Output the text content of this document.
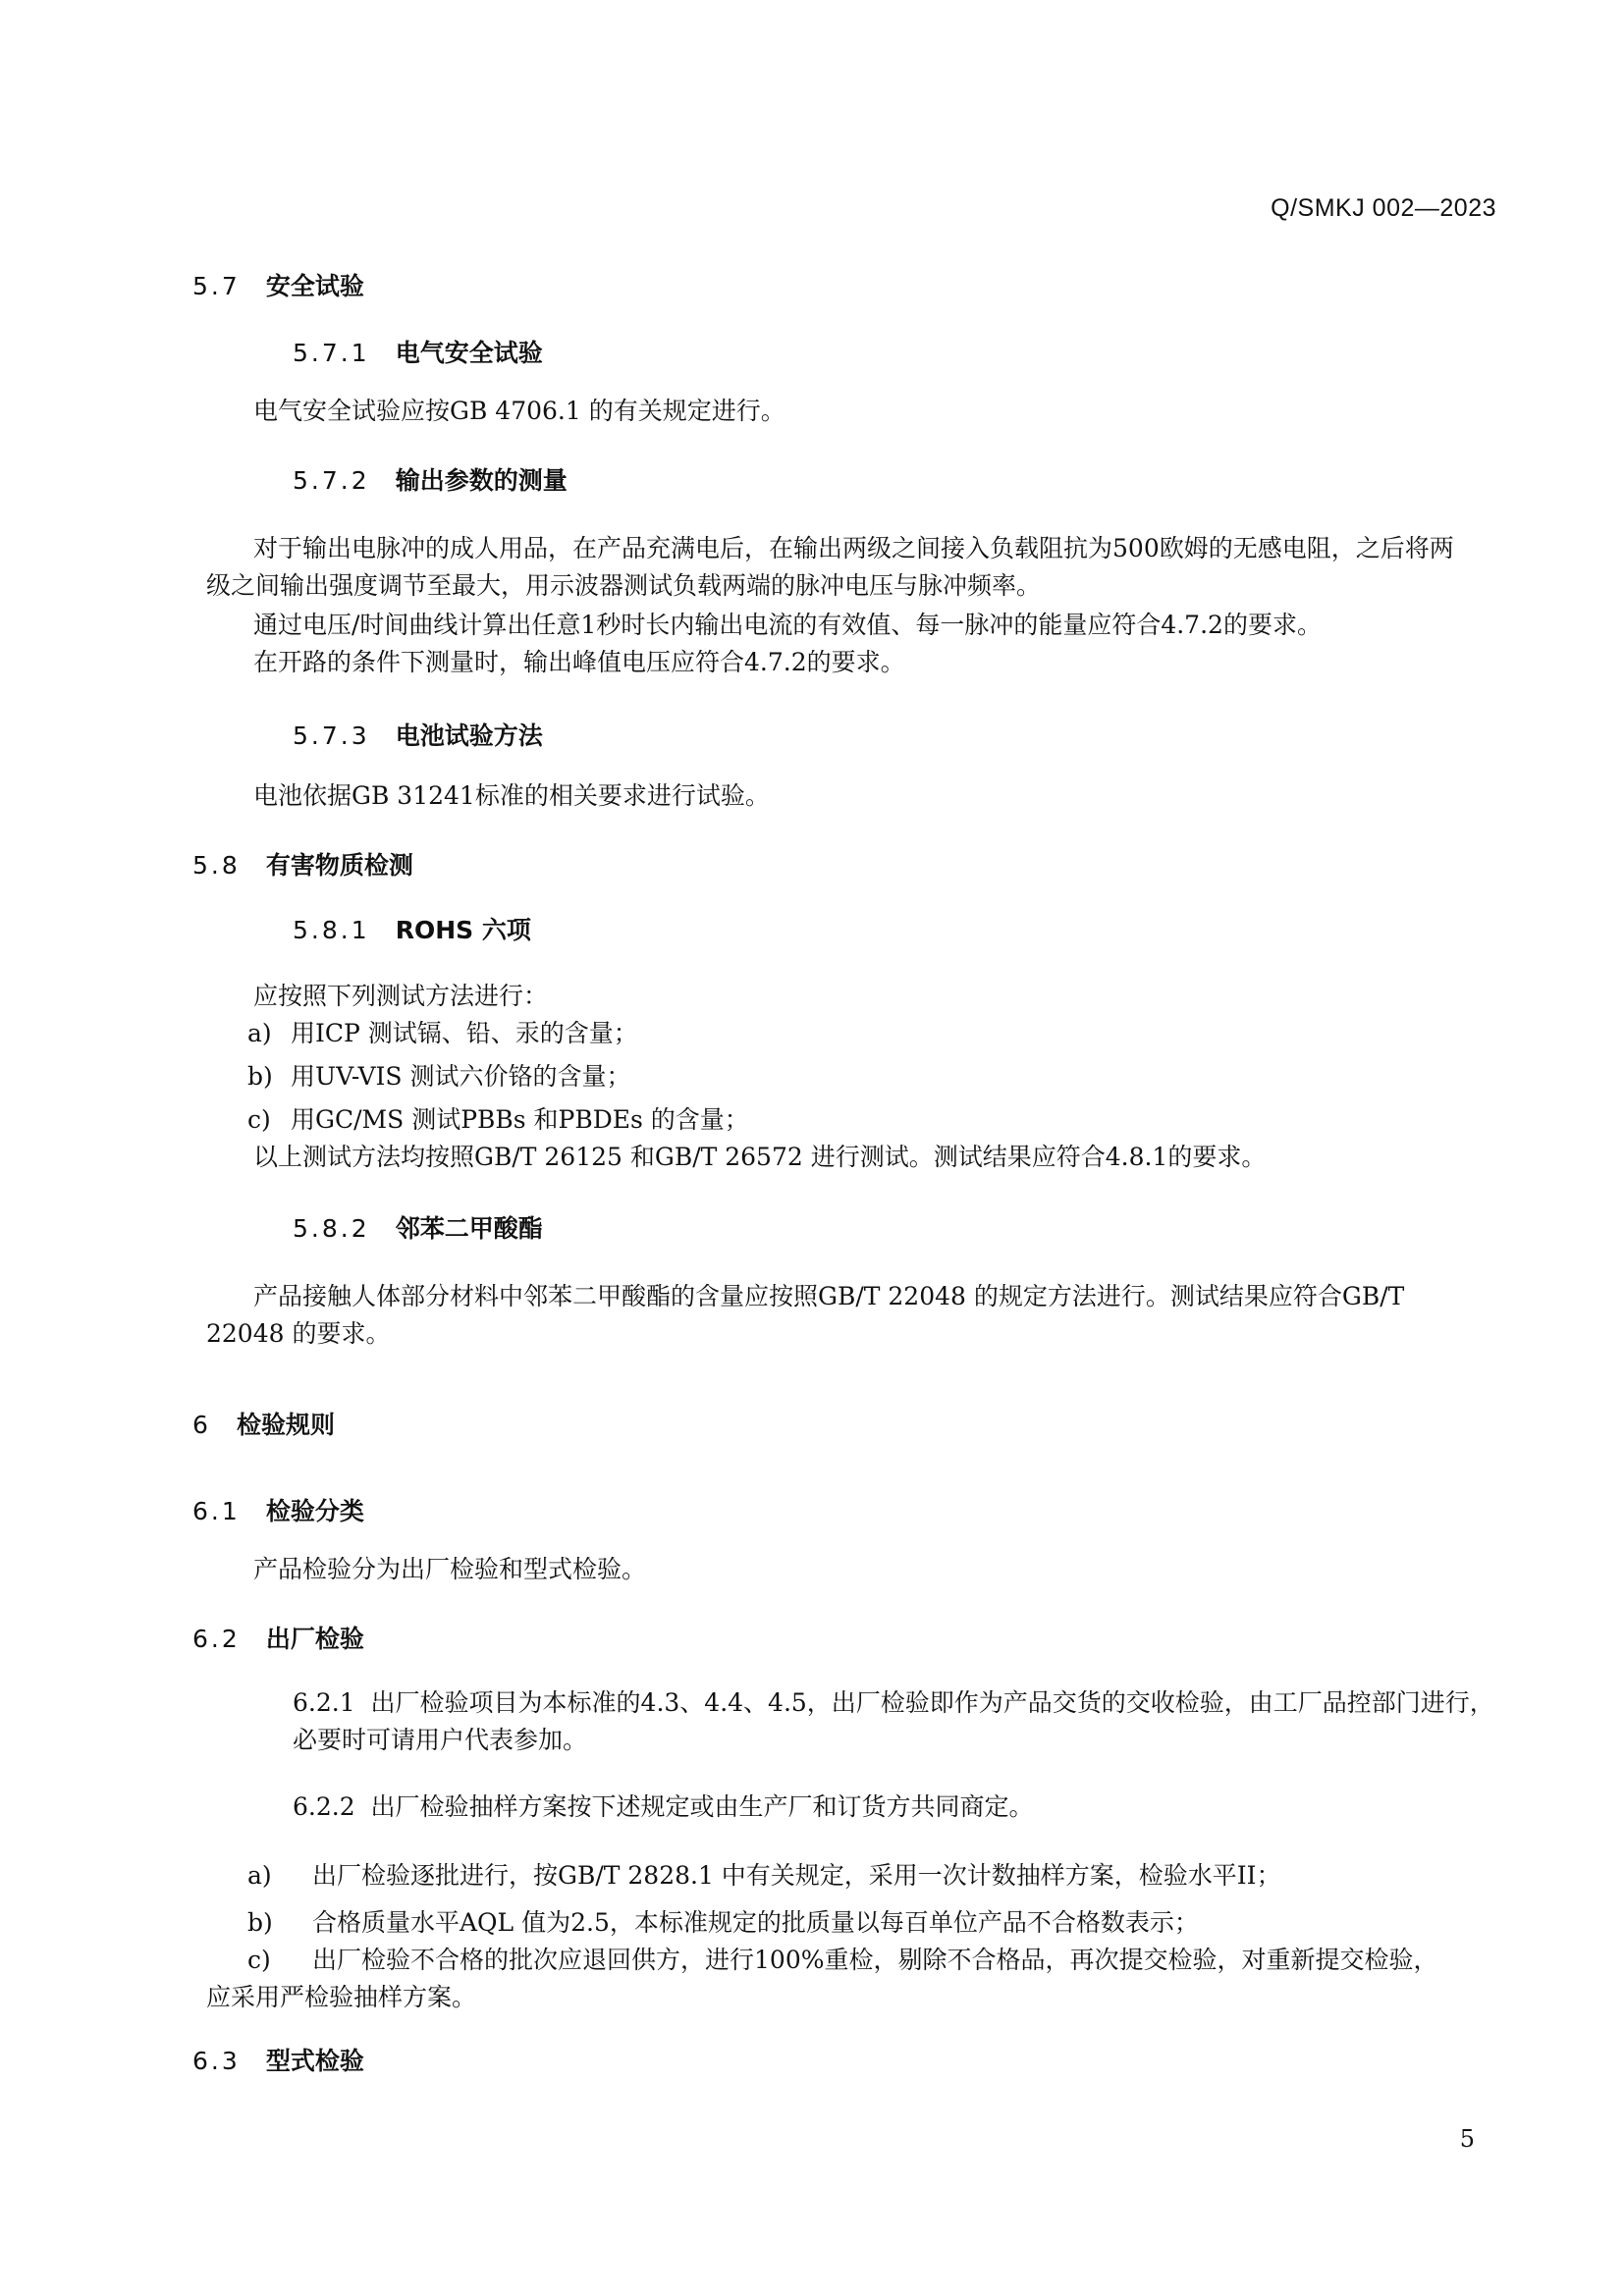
Q/SMKJ 002—2023
5.7 安全试验
5.7.1 电气安全试验
电气安全试验应按GB 4706.1 的有关规定进行。
5.7.2 输出参数的测量
对于输出电脉冲的成人用品，在产品充满电后，在输出两级之间接入负载阻抗为500欧姆的无感电阻，之后将两级之间输出强度调节至最大，用示波器测试负载两端的脉冲电压与脉冲频率。
通过电压/时间曲线计算出任意1秒时长内输出电流的有效值、每一脉冲的能量应符合4.7.2的要求。
在开路的条件下测量时，输出峰值电压应符合4.7.2的要求。
5.7.3 电池试验方法
电池依据GB 31241标准的相关要求进行试验。
5.8 有害物质检测
5.8.1 ROHS 六项
应按照下列测试方法进行：
a) 用ICP 测试镉、铅、汞的含量；
b) 用UV-VIS 测试六价铬的含量；
c) 用GC/MS 测试PBBs 和PBDEs 的含量；
以上测试方法均按照GB/T 26125 和GB/T 26572 进行测试。测试结果应符合4.8.1的要求。
5.8.2 邻苯二甲酸酯
产品接触人体部分材料中邻苯二甲酸酯的含量应按照GB/T 22048 的规定方法进行。测试结果应符合GB/T 22048 的要求。
6 检验规则
6.1 检验分类
产品检验分为出厂检验和型式检验。
6.2 出厂检验
6.2.1 出厂检验项目为本标准的4.3、4.4、4.5，出厂检验即作为产品交货的交收检验，由工厂品控部门进行，必要时可请用户代表参加。
6.2.2 出厂检验抽样方案按下述规定或由生产厂和订货方共同商定。
a) 出厂检验逐批进行，按GB/T 2828.1 中有关规定，采用一次计数抽样方案，检验水平II；
b) 合格质量水平AQL 值为2.5，本标准规定的批质量以每百单位产品不合格数表示；
c) 出厂检验不合格的批次应退回供方，进行100%重检，剔除不合格品，再次提交检验，对重新提交检验，应采用严检验抽样方案。
6.3 型式检验
5
